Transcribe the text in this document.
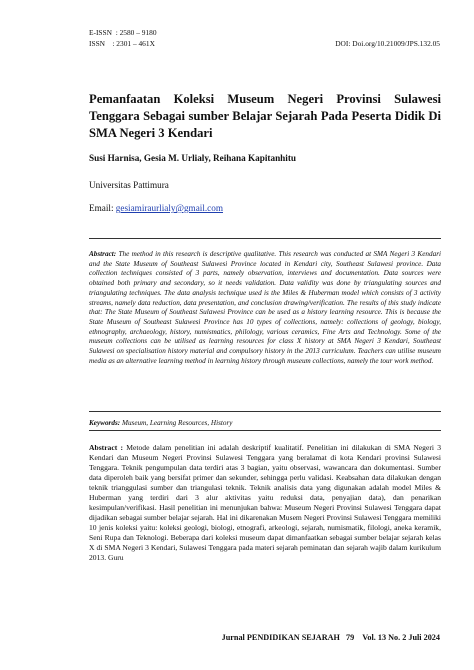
E-ISSN  : 2580 – 9180
ISSN    : 2301 – 461X	DOI: Doi.org/10.21009/JPS.132.05
Pemanfaatan Koleksi Museum Negeri Provinsi Sulawesi Tenggara Sebagai sumber Belajar Sejarah Pada Peserta Didik Di SMA Negeri 3 Kendari
Susi Harnisa, Gesia M. Urlialy, Reihana Kapitanhitu
Universitas Pattimura
Email: gesiamiraurlialy@gmail.com
Abstract: The method in this research is descriptive qualitative. This research was conducted at SMA Negeri 3 Kendari and the State Museum of Southeast Sulawesi Province located in Kendari city, Southeast Sulawesi province. Data collection techniques consisted of 3 parts, namely observation, interviews and documentation. Data sources were obtained both primary and secondary, so it needs validation. Data validity was done by triangulating sources and triangulating techniques. The data analysis technique used is the Miles & Huberman model which consists of 3 activity streams, namely data reduction, data presentation, and conclusion drawing/verification. The results of this study indicate that: The State Museum of Southeast Sulawesi Province can be used as a history learning resource. This is because the State Museum of Southeast Sulawesi Province has 10 types of collections, namely: collections of geology, biology, ethnography, archaeology, history, numismatics, philology, various ceramics, Fine Arts and Technology. Some of the museum collections can be utilised as learning resources for class X history at SMA Negeri 3 Kendari, Southeast Sulawesi on specialisation history material and compulsory history in the 2013 curriculum. Teachers can utilise museum media as an alternative learning method in learning history through museum collections, namely the tour work method.
Keywords: Museum, Learning Resources, History
Abstract : Metode dalam penelitian ini adalah deskriptif kualitatif. Penelitian ini dilakukan di SMA Negeri 3 Kendari dan Museum Negeri Provinsi Sulawesi Tenggara yang beralamat di kota Kendari provinsi Sulawesi Tenggara. Teknik pengumpulan data terdiri atas 3 bagian, yaitu observasi, wawancara dan dokumentasi. Sumber data diperoleh baik yang bersifat primer dan sekunder, sehingga perlu validasi. Keabsahan data dilakukan dengan teknik trianggulasi sumber dan triangulasi teknik. Teknik analisis data yang digunakan adalah model Miles & Huberman yang terdiri dari 3 alur aktivitas yaitu reduksi data, penyajian data), dan penarikan kesimpulan/verifikasi. Hasil penelitian ini menunjukan bahwa: Museum Negeri Provinsi Sulawesi Tenggara dapat dijadikan sebagai sumber belajar sejarah. Hal ini dikarenakan Musem Negeri Provinsi Sulawesi Tenggara memiliki 10 jenis koleksi yaitu: koleksi geologi, biologi, etnografi, arkeologi, sejarah, numismatik, filologi, aneka keramik, Seni Rupa dan Teknologi. Beberapa dari koleksi museum dapat dimanfaatkan sebagai sumber belajar sejarah kelas X di SMA Negeri 3 Kendari, Sulawesi Tenggara pada materi sejarah peminatan dan sejarah wajib dalam kurikulum 2013. Guru
Jurnal PENDIDIKAN SEJARAH   79    Vol. 13 No. 2 Juli 2024
